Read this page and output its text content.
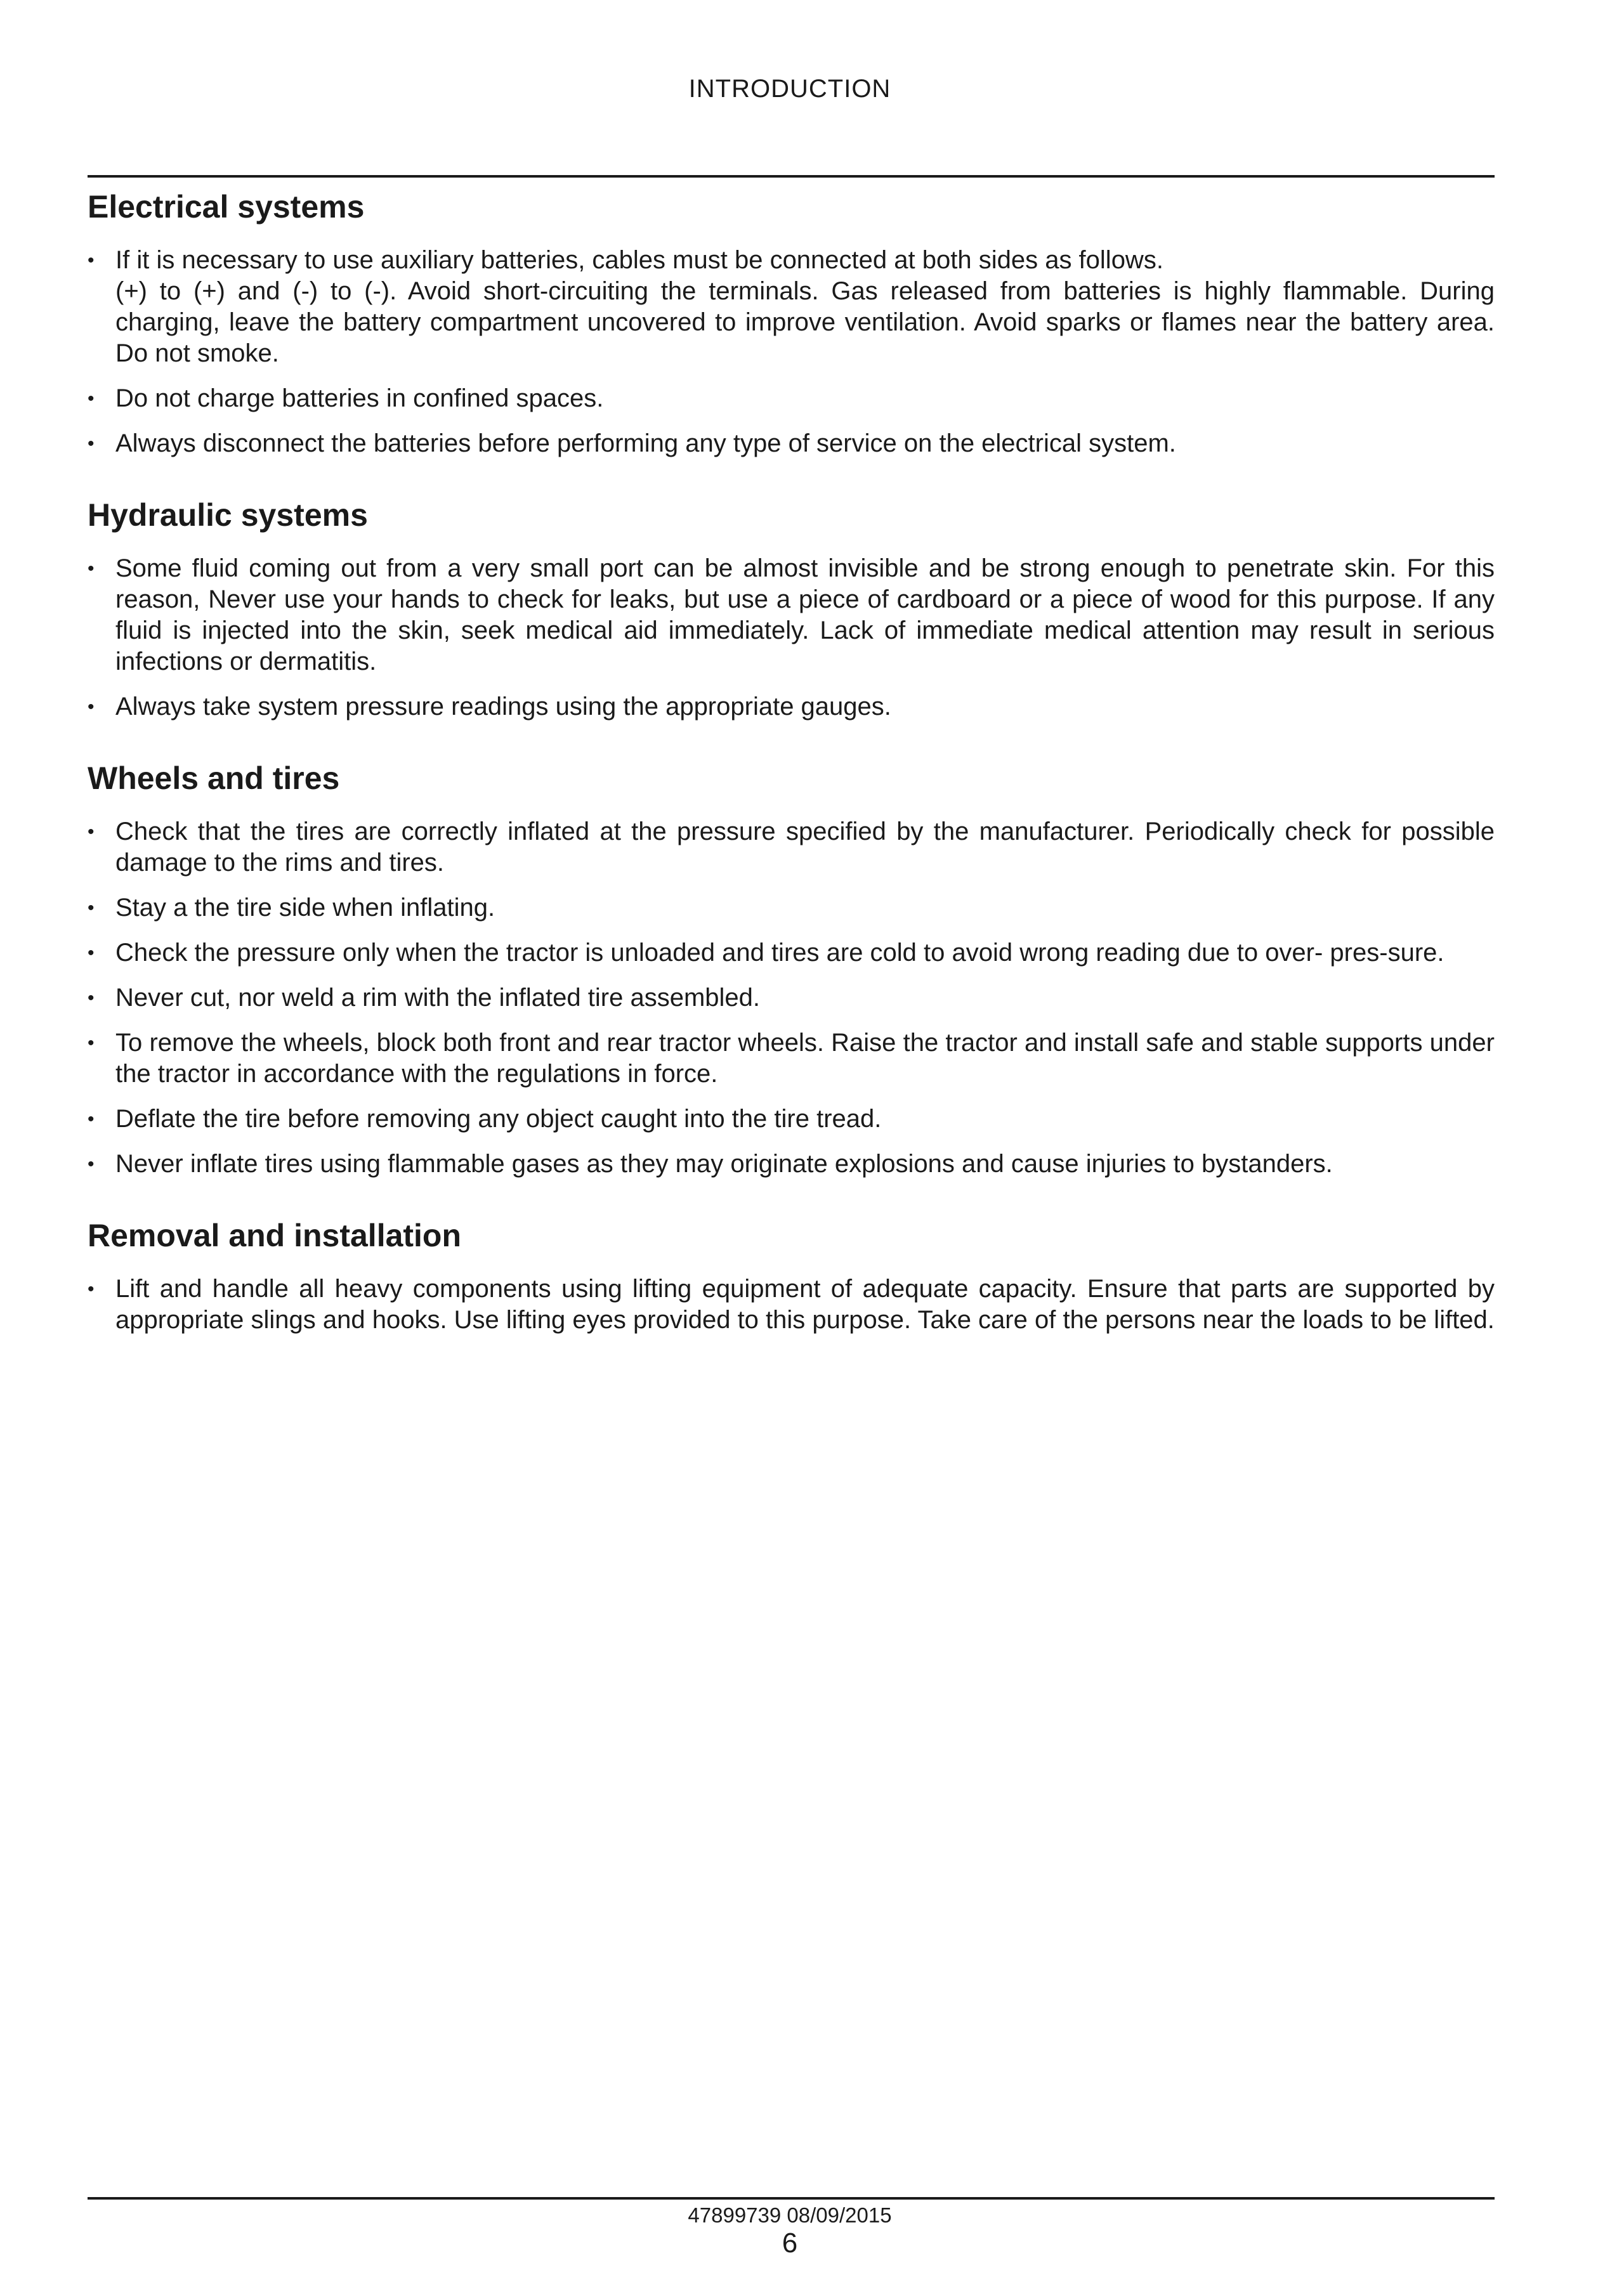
INTRODUCTION
Electrical systems
• If it is necessary to use auxiliary batteries, cables must be connected at both sides as follows.
(+) to (+) and (-) to (-). Avoid short-circuiting the terminals. Gas released from batteries is highly flammable. During charging, leave the battery compartment uncovered to improve ventilation. Avoid sparks or flames near the battery area. Do not smoke.
• Do not charge batteries in confined spaces.
• Always disconnect the batteries before performing any type of service on the electrical system.
Hydraulic systems
• Some fluid coming out from a very small port can be almost invisible and be strong enough to penetrate skin. For this reason, Never use your hands to check for leaks, but use a piece of cardboard or a piece of wood for this purpose. If any fluid is injected into the skin, seek medical aid immediately. Lack of immediate medical attention may result in serious infections or dermatitis.
• Always take system pressure readings using the appropriate gauges.
Wheels and tires
• Check that the tires are correctly inflated at the pressure specified by the manufacturer. Periodically check for possible damage to the rims and tires.
• Stay a the tire side when inflating.
• Check the pressure only when the tractor is unloaded and tires are cold to avoid wrong reading due to over- pres-sure.
• Never cut, nor weld a rim with the inflated tire assembled.
• To remove the wheels, block both front and rear tractor wheels. Raise the tractor and install safe and stable supports under the tractor in accordance with the regulations in force.
• Deflate the tire before removing any object caught into the tire tread.
• Never inflate tires using flammable gases as they may originate explosions and cause injuries to bystanders.
Removal and installation
• Lift and handle all heavy components using lifting equipment of adequate capacity. Ensure that parts are supported by appropriate slings and hooks. Use lifting eyes provided to this purpose. Take care of the persons near the loads to be lifted.
47899739 08/09/2015
6
